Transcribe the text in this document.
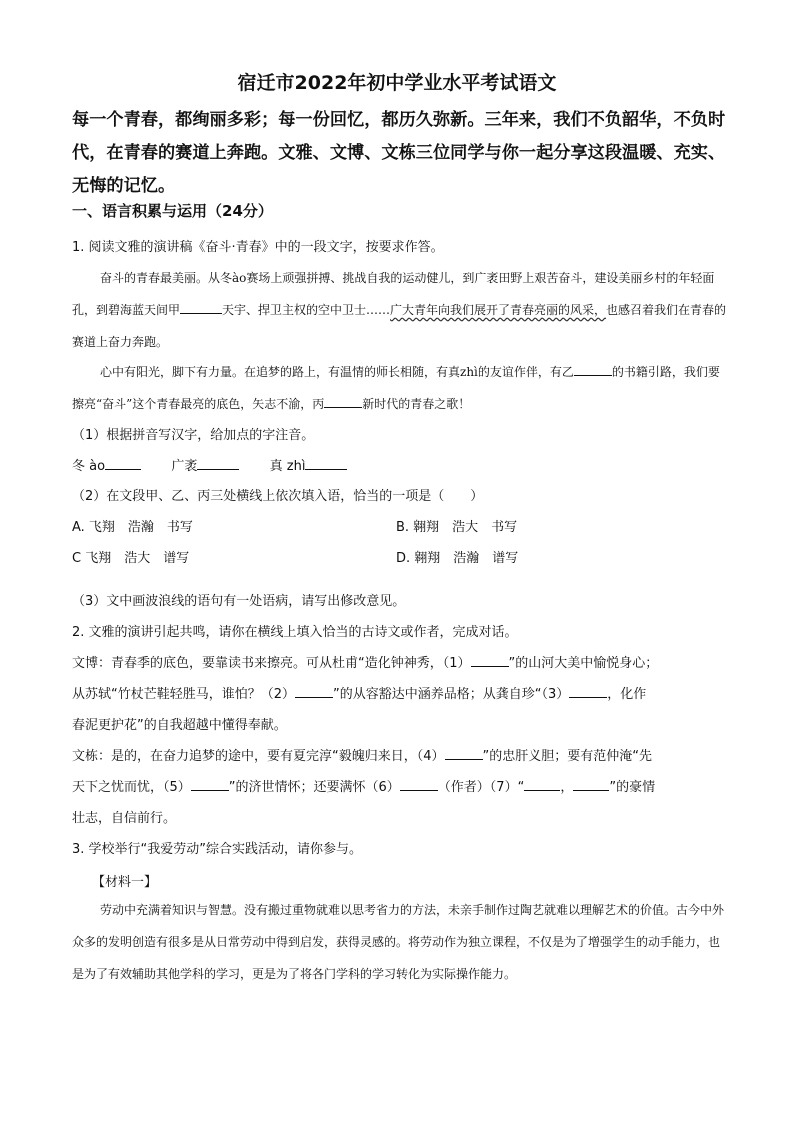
宿迁市2022年初中学业水平考试语文
每一个青春，都绚丽多彩；每一份回忆，都历久弥新。三年来，我们不负韶华，不负时代，在青春的赛道上奔跑。文雅、文博、文栋三位同学与你一起分享这段温暖、充实、无悔的记忆。
一、语言积累与运用（24分）
1. 阅读文雅的演讲稿《奋斗·青春》中的一段文字，按要求作答。
奋斗的青春最美丽。从冬ào赛场上顽强拼搏、挑战自我的运动健儿，到广袤田野上艰苦奋斗，建设美丽乡村的年轻面孔，到碧海蓝天间甲	天宇、捍卫主权的空中卫士……广大青年向我们展开了青春亮丽的风采，也感召着我们在青春的赛道上奋力奔跑。
心中有阳光，脚下有力量。在追梦的路上，有温情的师长相随，有真zhì的友谊作伴，有乙	的书籍引路，我们要擦亮“奋斗”这个青春最亮的底色，矢志不渝，丙	新时代的青春之歌！
（1）根据拼音写汉字，给加点的字注音。
冬 ào	广袤	真 zhì
（2）在文段甲、乙、丙三处横线上依次填入语，恰当的一项是（　　）
A. 飞翔　浩瀚　书写	B. 翱翔　浩大　书写
C 飞翔　浩大　谱写	D. 翱翔　浩瀚　谱写
（3）文中画波浪线的语句有一处语病，请写出修改意见。
2. 文雅的演讲引起共鸣，请你在横线上填入恰当的古诗文或作者，完成对话。
文博：青春季的底色，要靠读书来擦亮。可从杜甫“造化钟神秀，（1）	”的山河大美中愉悦身心；
从苏轼“竹杖芒鞋轻胜马，谁怕？（2）	”的从容豁达中涵养品格；从龚自珍“（3）	，化作
春泥更护花”的自我超越中懂得奉献。
文栋：是的，在奋力追梦的途中，要有夏完淳“毅魄归来日，（4）	”的忠肝义胆；要有范仲淹“先
天下之忧而忧，（5）	”的济世情怀；还要满怀（6）	（作者）（7）“	，	”的豪情
壮志，自信前行。
3. 学校举行“我爱劳动”综合实践活动，请你参与。
【材料一】
劳动中充满着知识与智慧。没有搬过重物就难以思考省力的方法，未亲手制作过陶艺就难以理解艺术的价值。古今中外众多的发明创造有很多是从日常劳动中得到启发，获得灵感的。将劳动作为独立课程，不仅是为了增强学生的动手能力，也是为了有效辅助其他学科的学习，更是为了将各门学科的学习转化为实际操作能力。
